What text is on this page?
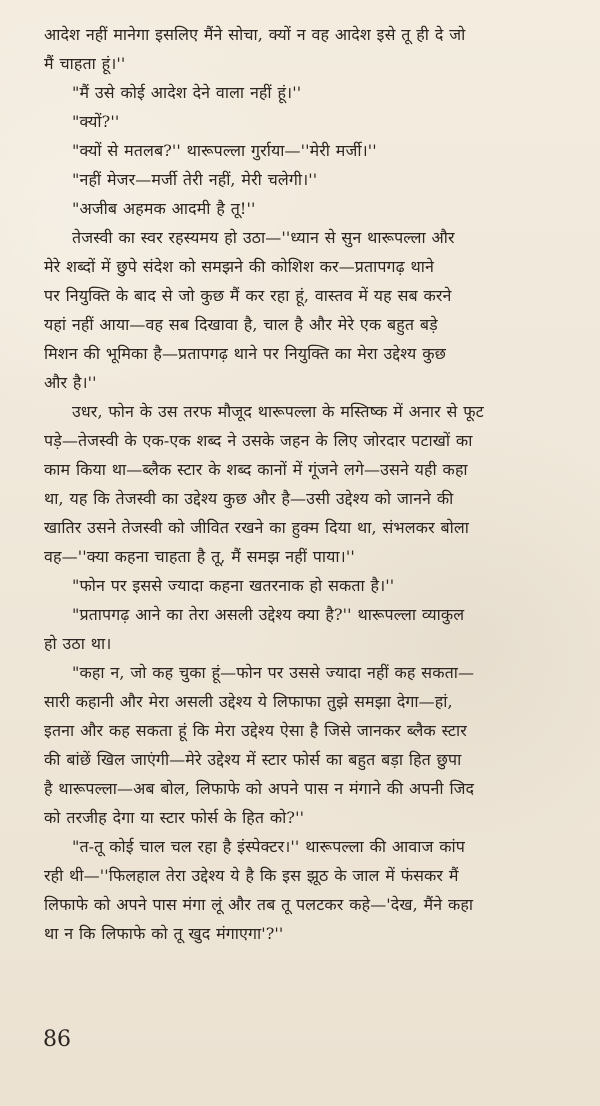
आदेश नहीं मानेगा इसलिए मैंने सोचा, क्यों न वह आदेश इसे तू ही दे जो
मैं चाहता हूं।''
"मैं उसे कोई आदेश देने वाला नहीं हूं।''
"क्यों?''
"क्यों से मतलब?'' थारूपल्ला गुर्राया—''मेरी मर्जी।''
"नहीं मेजर—मर्जी तेरी नहीं, मेरी चलेगी।''
"अजीब अहमक आदमी है तू!''
तेजस्वी का स्वर रहस्यमय हो उठा—''ध्यान से सुन थारूपल्ला और
मेरे शब्दों में छुपे संदेश को समझने की कोशिश कर—प्रतापगढ़ थाने
पर नियुक्ति के बाद से जो कुछ मैं कर रहा हूं, वास्तव में यह सब करने
यहां नहीं आया—वह सब दिखावा है, चाल है और मेरे एक बहुत बड़े
मिशन की भूमिका है—प्रतापगढ़ थाने पर नियुक्ति का मेरा उद्देश्य कुछ
और है।''
उधर, फोन के उस तरफ मौजूद थारूपल्ला के मस्तिष्क में अनार से फूट
पड़े—तेजस्वी के एक-एक शब्द ने उसके जहन के लिए जोरदार पटाखों का
काम किया था—ब्लैक स्टार के शब्द कानों में गूंजने लगे—उसने यही कहा
था, यह कि तेजस्वी का उद्देश्य कुछ और है—उसी उद्देश्य को जानने की
खातिर उसने तेजस्वी को जीवित रखने का हुक्म दिया था, संभलकर बोला
वह—''क्या कहना चाहता है तू, मैं समझ नहीं पाया।''
"फोन पर इससे ज्यादा कहना खतरनाक हो सकता है।''
"प्रतापगढ़ आने का तेरा असली उद्देश्य क्या है?'' थारूपल्ला व्याकुल
हो उठा था।
"कहा न, जो कह चुका हूं—फोन पर उससे ज्यादा नहीं कह सकता—
सारी कहानी और मेरा असली उद्देश्य ये लिफाफा तुझे समझा देगा—हां,
इतना और कह सकता हूं कि मेरा उद्देश्य ऐसा है जिसे जानकर ब्लैक स्टार
की बांछें खिल जाएंगी—मेरे उद्देश्य में स्टार फोर्स का बहुत बड़ा हित छुपा
है थारूपल्ला—अब बोल, लिफाफे को अपने पास न मंगाने की अपनी जिद
को तरजीह देगा या स्टार फोर्स के हित को?''
"त-तू कोई चाल चल रहा है इंस्पेक्टर।'' थारूपल्ला की आवाज कांप
रही थी—''फिलहाल तेरा उद्देश्य ये है कि इस झूठ के जाल में फंसकर मैं
लिफाफे को अपने पास मंगा लूं और तब तू पलटकर कहे—'देख, मैंने कहा
था न कि लिफाफे को तू खुद मंगाएगा'?''
86
